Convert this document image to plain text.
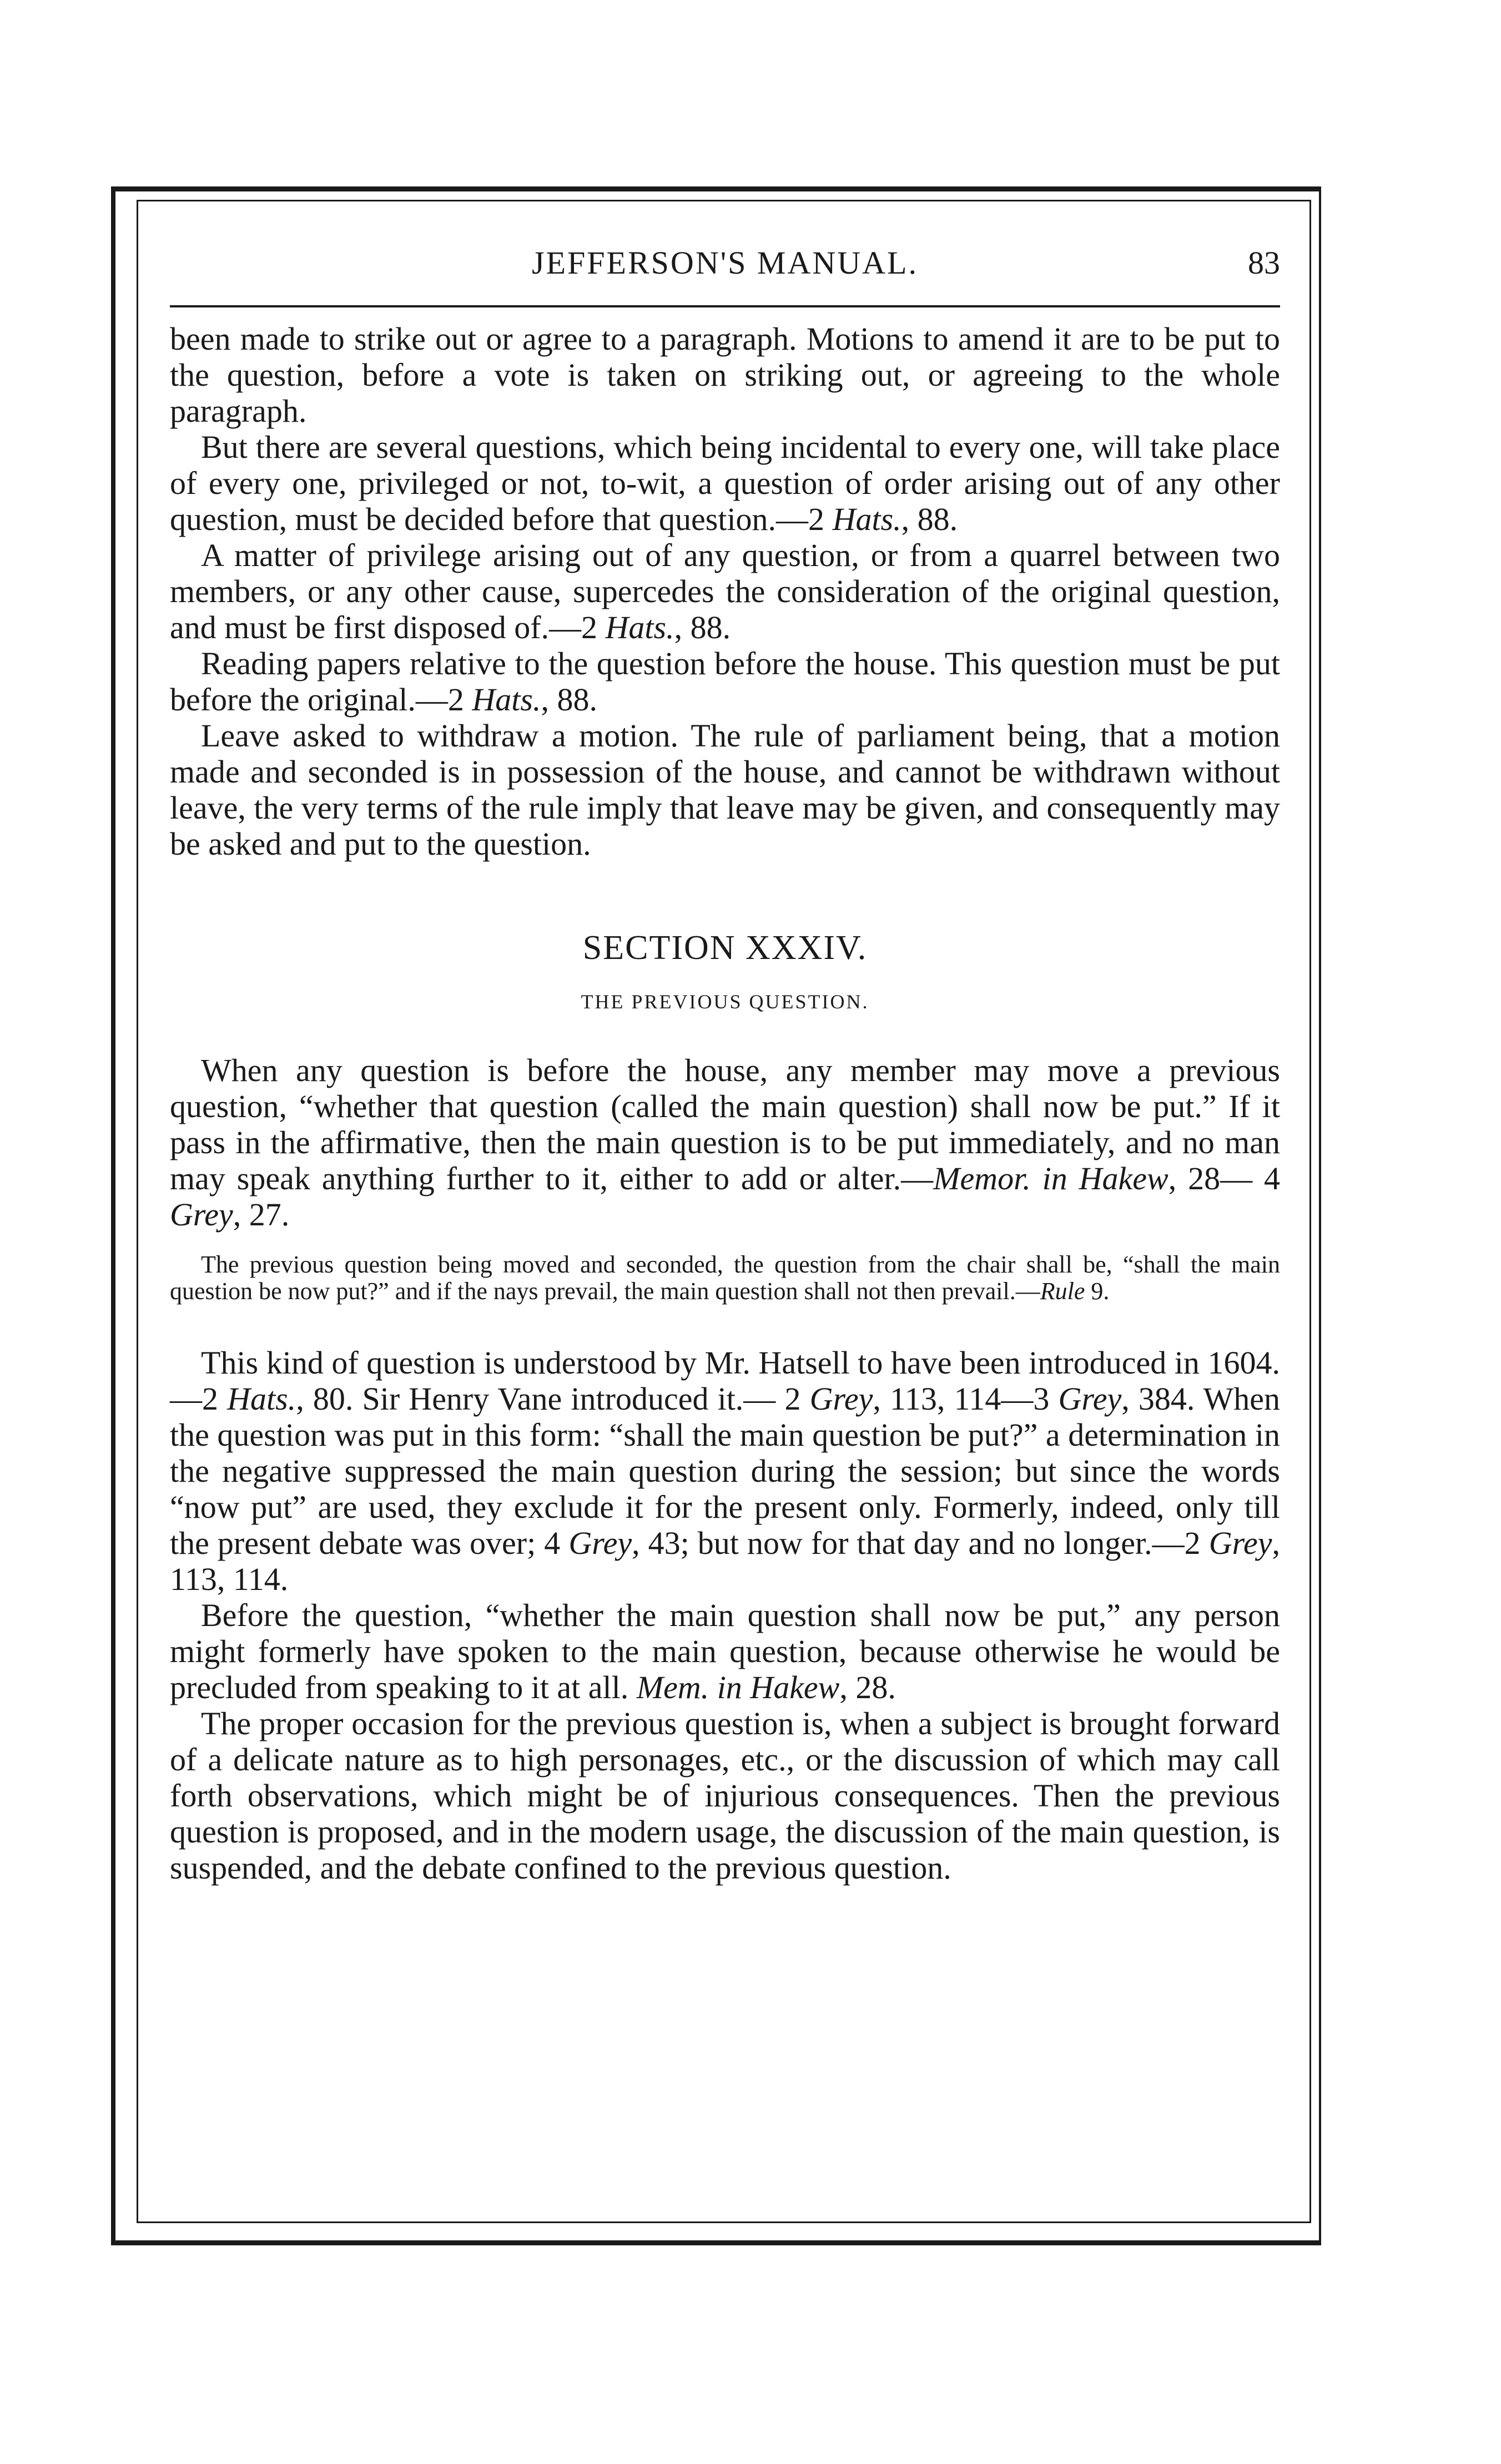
JEFFERSON'S MANUAL.	83

been made to strike out or agree to a paragraph. Motions to amend it are to be put to the question, before a vote is taken on striking out, or agreeing to the whole paragraph.

But there are several questions, which being incidental to every one, will take place of every one, privileged or not, to-wit, a question of order arising out of any other question, must be decided before that question.—2 Hats., 88.

A matter of privilege arising out of any question, or from a quarrel between two members, or any other cause, supercedes the consideration of the original question, and must be first disposed of.—2 Hats., 88.

Reading papers relative to the question before the house. This question must be put before the original.—2 Hats., 88.

Leave asked to withdraw a motion. The rule of parliament being, that a motion made and seconded is in possession of the house, and cannot be withdrawn without leave, the very terms of the rule imply that leave may be given, and consequently may be asked and put to the question.

SECTION XXXIV.
THE PREVIOUS QUESTION.

When any question is before the house, any member may move a previous question, “whether that question (called the main question) shall now be put.” If it pass in the affirmative, then the main question is to be put immediately, and no man may speak anything further to it, either to add or alter.—Memor. in Hakew, 28— 4 Grey, 27.

The previous question being moved and seconded, the question from the chair shall be, “shall the main question be now put?” and if the nays prevail, the main question shall not then prevail.—Rule 9.

This kind of question is understood by Mr. Hatsell to have been introduced in 1604.—2 Hats., 80. Sir Henry Vane introduced it.— 2 Grey, 113, 114—3 Grey, 384. When the question was put in this form: “shall the main question be put?” a determination in the negative suppressed the main question during the session; but since the words “now put” are used, they exclude it for the present only. Formerly, indeed, only till the present debate was over; 4 Grey, 43; but now for that day and no longer.—2 Grey, 113, 114.

Before the question, “whether the main question shall now be put,” any person might formerly have spoken to the main question, because otherwise he would be precluded from speaking to it at all. Mem. in Hakew, 28.

The proper occasion for the previous question is, when a subject is brought forward of a delicate nature as to high personages, etc., or the discussion of which may call forth observations, which might be of injurious consequences. Then the previous question is proposed, and in the modern usage, the discussion of the main question, is suspended, and the debate confined to the previous question.
